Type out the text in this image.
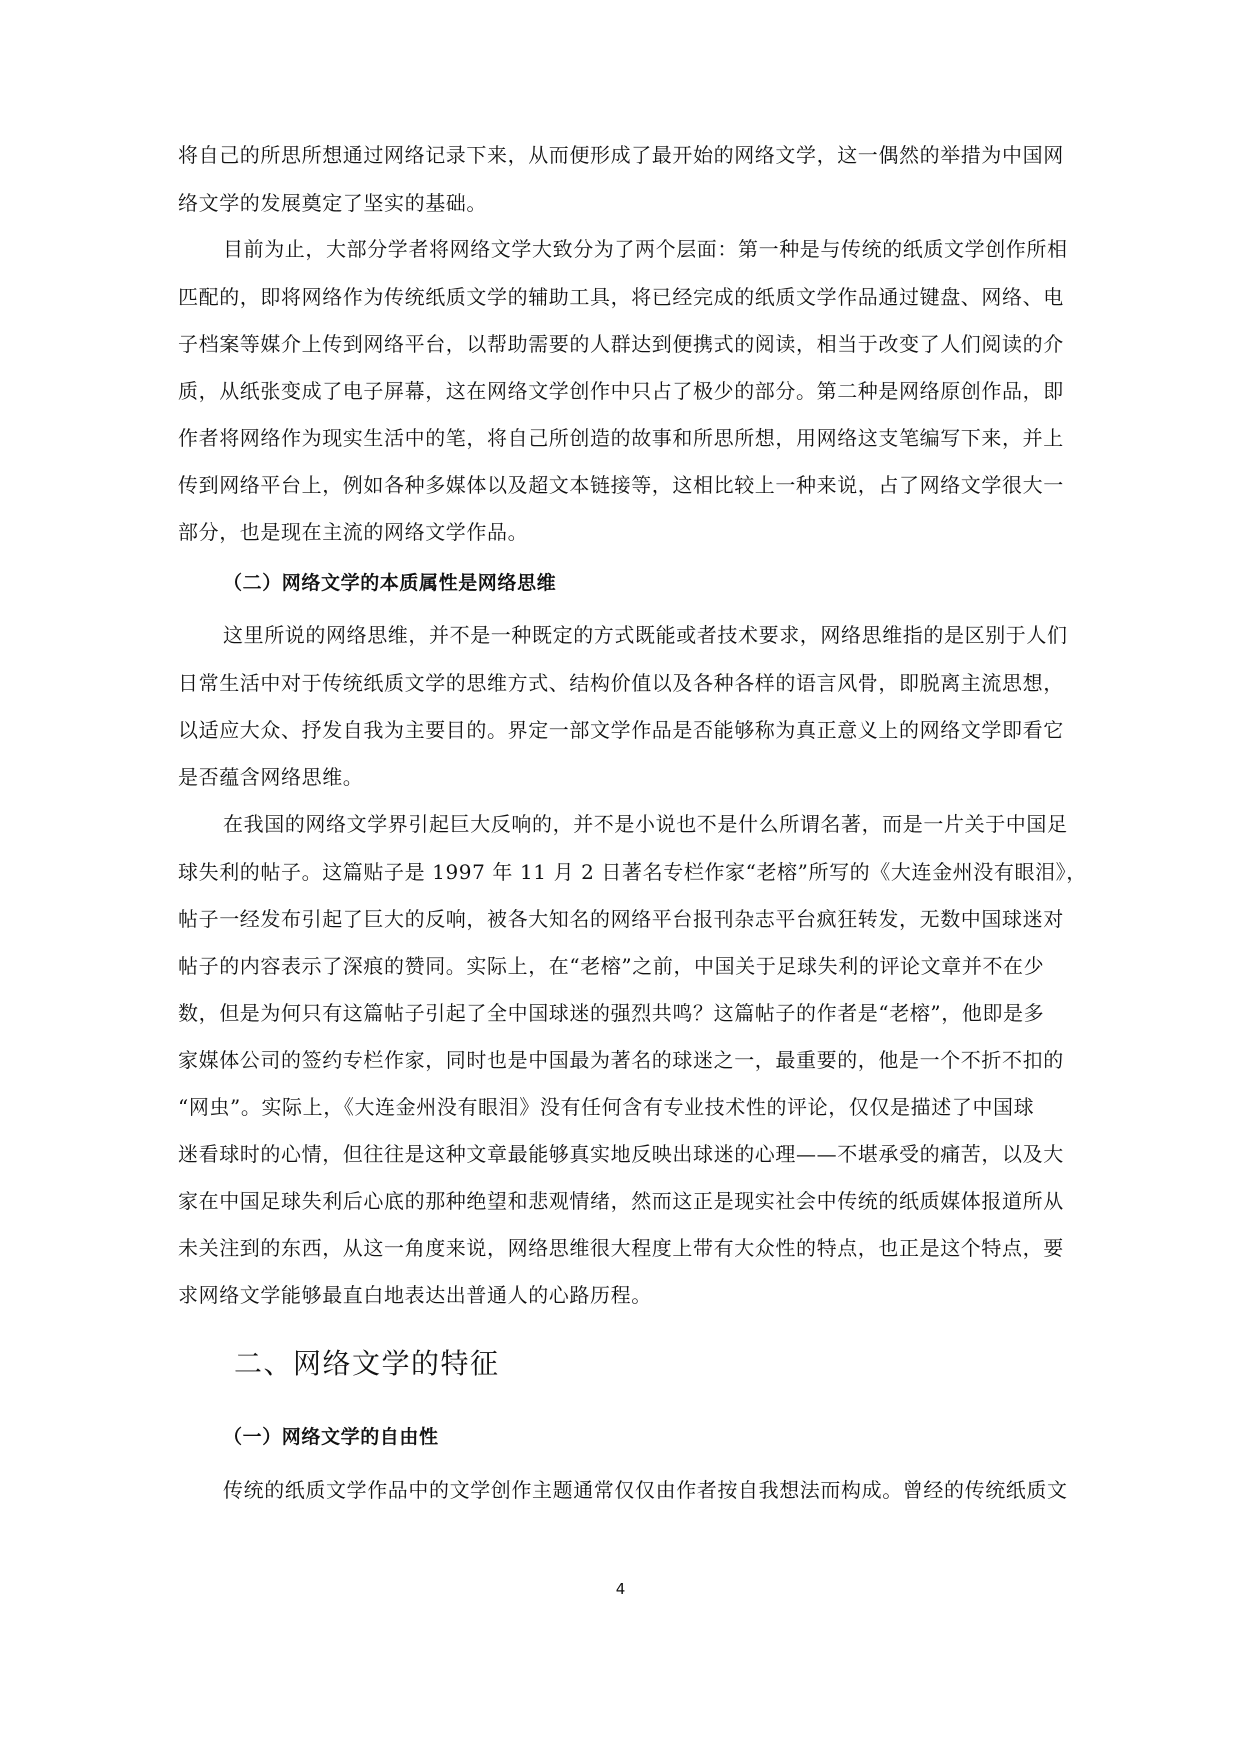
将自己的所思所想通过网络记录下来，从而便形成了最开始的网络文学，这一偶然的举措为中国网
络文学的发展奠定了坚实的基础。
目前为止，大部分学者将网络文学大致分为了两个层面：第一种是与传统的纸质文学创作所相
匹配的，即将网络作为传统纸质文学的辅助工具，将已经完成的纸质文学作品通过键盘、网络、电
子档案等媒介上传到网络平台，以帮助需要的人群达到便携式的阅读，相当于改变了人们阅读的介
质，从纸张变成了电子屏幕，这在网络文学创作中只占了极少的部分。第二种是网络原创作品，即
作者将网络作为现实生活中的笔，将自己所创造的故事和所思所想，用网络这支笔编写下来，并上
传到网络平台上，例如各种多媒体以及超文本链接等，这相比较上一种来说，占了网络文学很大一
部分，也是现在主流的网络文学作品。
（二）网络文学的本质属性是网络思维
这里所说的网络思维，并不是一种既定的方式既能或者技术要求，网络思维指的是区别于人们
日常生活中对于传统纸质文学的思维方式、结构价值以及各种各样的语言风骨，即脱离主流思想，
以适应大众、抒发自我为主要目的。界定一部文学作品是否能够称为真正意义上的网络文学即看它
是否蕴含网络思维。
在我国的网络文学界引起巨大反响的，并不是小说也不是什么所谓名著，而是一片关于中国足
球失利的帖子。这篇贴子是 1997 年 11 月 2 日著名专栏作家“老榕”所写的《大连金州没有眼泪》，
帖子一经发布引起了巨大的反响，被各大知名的网络平台报刊杂志平台疯狂转发，无数中国球迷对
帖子的内容表示了深痕的赞同。实际上，在“老榕”之前，中国关于足球失利的评论文章并不在少
数，但是为何只有这篇帖子引起了全中国球迷的强烈共鸣？这篇帖子的作者是“老榕”，他即是多
家媒体公司的签约专栏作家，同时也是中国最为著名的球迷之一，最重要的，他是一个不折不扣的
“网虫”。实际上，《大连金州没有眼泪》没有任何含有专业技术性的评论，仅仅是描述了中国球
迷看球时的心情，但往往是这种文章最能够真实地反映出球迷的心理——不堪承受的痛苦，以及大
家在中国足球失利后心底的那种绝望和悲观情绪，然而这正是现实社会中传统的纸质媒体报道所从
未关注到的东西，从这一角度来说，网络思维很大程度上带有大众性的特点，也正是这个特点，要
求网络文学能够最直白地表达出普通人的心路历程。
二、网络文学的特征
（一）网络文学的自由性
传统的纸质文学作品中的文学创作主题通常仅仅由作者按自我想法而构成。曾经的传统纸质文
4
